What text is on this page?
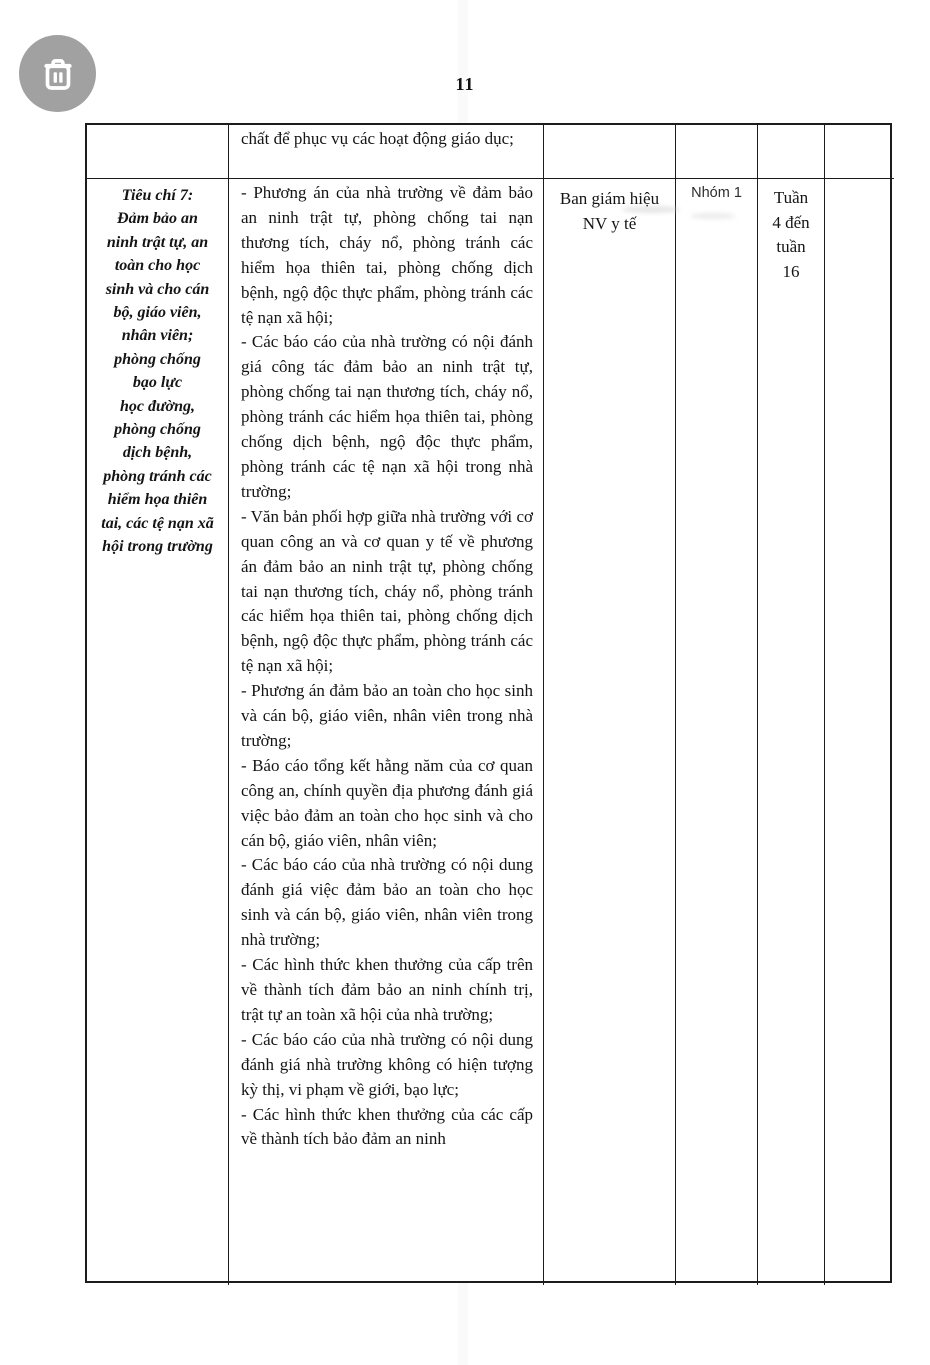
11

chất để phục vụ các hoạt động giáo dục;

Tiêu chí 7:
Đảm bảo an
ninh trật tự, an
toàn cho học
sinh và cho cán
bộ, giáo viên,
nhân viên;
phòng chống
bạo lực
học đường,
phòng chống
dịch bệnh,
phòng tránh các
hiểm họa thiên
tai, các tệ nạn xã
hội trong trường

- Phương án của nhà trường về đảm bảo an ninh trật tự, phòng chống tai nạn thương tích, cháy nổ, phòng tránh các hiểm họa thiên tai, phòng chống dịch bệnh, ngộ độc thực phẩm, phòng tránh các tệ nạn xã hội;

- Các báo cáo của nhà trường có nội đánh giá công tác đảm bảo an ninh trật tự, phòng chống tai nạn thương tích, cháy nổ, phòng tránh các hiểm họa thiên tai, phòng chống dịch bệnh, ngộ độc thực phẩm, phòng tránh các tệ nạn xã hội trong nhà trường;

- Văn bản phối hợp giữa nhà trường với cơ quan công an và cơ quan y tế về phương án đảm bảo an ninh trật tự, phòng chống tai nạn thương tích, cháy nổ, phòng tránh các hiểm họa thiên tai, phòng chống dịch bệnh, ngộ độc thực phẩm, phòng tránh các tệ nạn xã hội;

- Phương án đảm bảo an toàn cho học sinh và cán bộ, giáo viên, nhân viên trong nhà trường;

- Báo cáo tổng kết hằng năm của cơ quan công an, chính quyền địa phương đánh giá việc bảo đảm an toàn cho học sinh và cho cán bộ, giáo viên, nhân viên;

- Các báo cáo của nhà trường có nội dung đánh giá việc đảm bảo an toàn cho học sinh và cán bộ, giáo viên, nhân viên trong nhà trường;

- Các hình thức khen thưởng của cấp trên về thành tích đảm bảo an ninh chính trị, trật tự an toàn xã hội của nhà trường;

- Các báo cáo của nhà trường có nội dung đánh giá nhà trường không có hiện tượng kỳ thị, vi phạm về giới, bạo lực;

- Các hình thức khen thưởng của các cấp về thành tích bảo đảm an ninh

Ban giám hiệu
NV y tế
Nhóm 1	Tuần
4 đến
tuần
16
